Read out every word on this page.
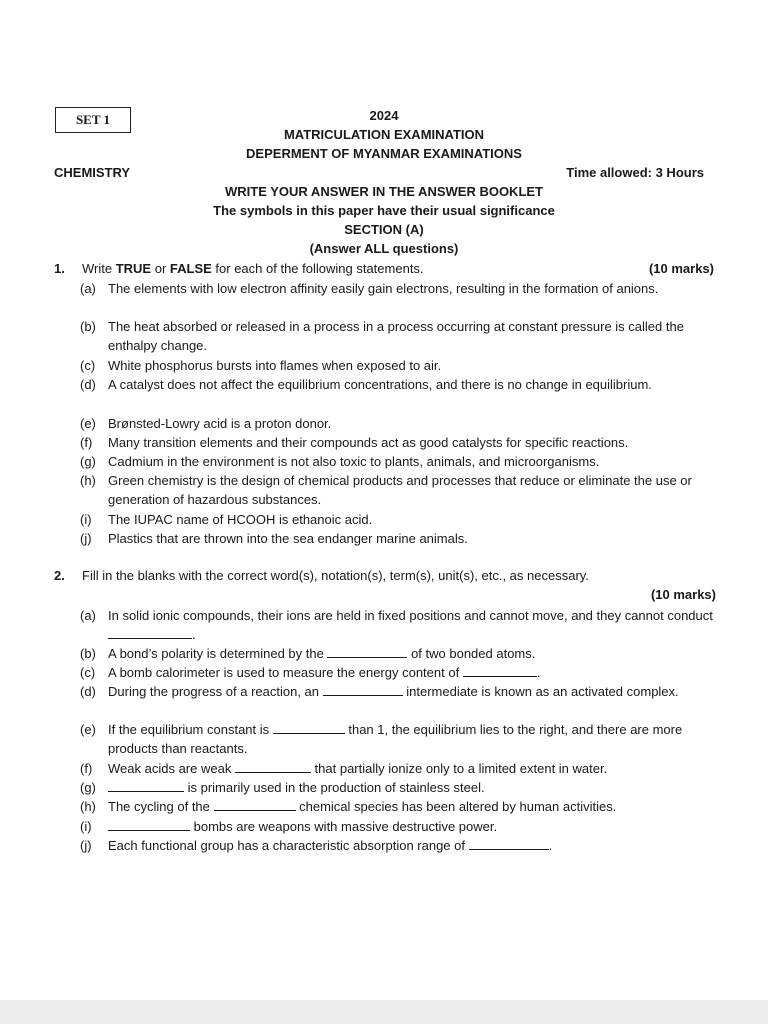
SET 1	2024
MATRICULATION EXAMINATION
DEPERMENT OF MYANMAR EXAMINATIONS
CHEMISTRY	Time allowed: 3 Hours
WRITE YOUR ANSWER IN THE ANSWER BOOKLET
The symbols in this paper have their usual significance
SECTION (A)
(Answer ALL questions)
1. Write TRUE or FALSE for each of the following statements.	(10 marks)
(a) The elements with low electron affinity easily gain electrons, resulting in the formation of anions.
(b) The heat absorbed or released in a process in a process occurring at constant pressure is called the enthalpy change.
(c) White phosphorus bursts into flames when exposed to air.
(d) A catalyst does not affect the equilibrium concentrations, and there is no change in equilibrium.
(e) Brønsted-Lowry acid is a proton donor.
(f) Many transition elements and their compounds act as good catalysts for specific reactions.
(g) Cadmium in the environment is not also toxic to plants, animals, and microorganisms.
(h) Green chemistry is the design of chemical products and processes that reduce or eliminate the use or generation of hazardous substances.
(i) The IUPAC name of HCOOH is ethanoic acid.
(j) Plastics that are thrown into the sea endanger marine animals.
2. Fill in the blanks with the correct word(s), notation(s), term(s), unit(s), etc., as necessary.
(10 marks)
(a) In solid ionic compounds, their ions are held in fixed positions and cannot move, and they cannot conduct .
(b) A bond’s polarity is determined by the	of two bonded atoms.
(c) A bomb calorimeter is used to measure the energy content of	.
(d) During the progress of a reaction, an	intermediate is known as an activated complex.
(e) If the equilibrium constant is	than 1, the equilibrium lies to the right, and there are more products than reactants.
(f) Weak acids are weak	that partially ionize only to a limited extent in water.
(g)	is primarily used in the production of stainless steel.
(h) The cycling of the	chemical species has been altered by human activities.
(i)	bombs are weapons with massive destructive power.
(j) Each functional group has a characteristic absorption range of	.
